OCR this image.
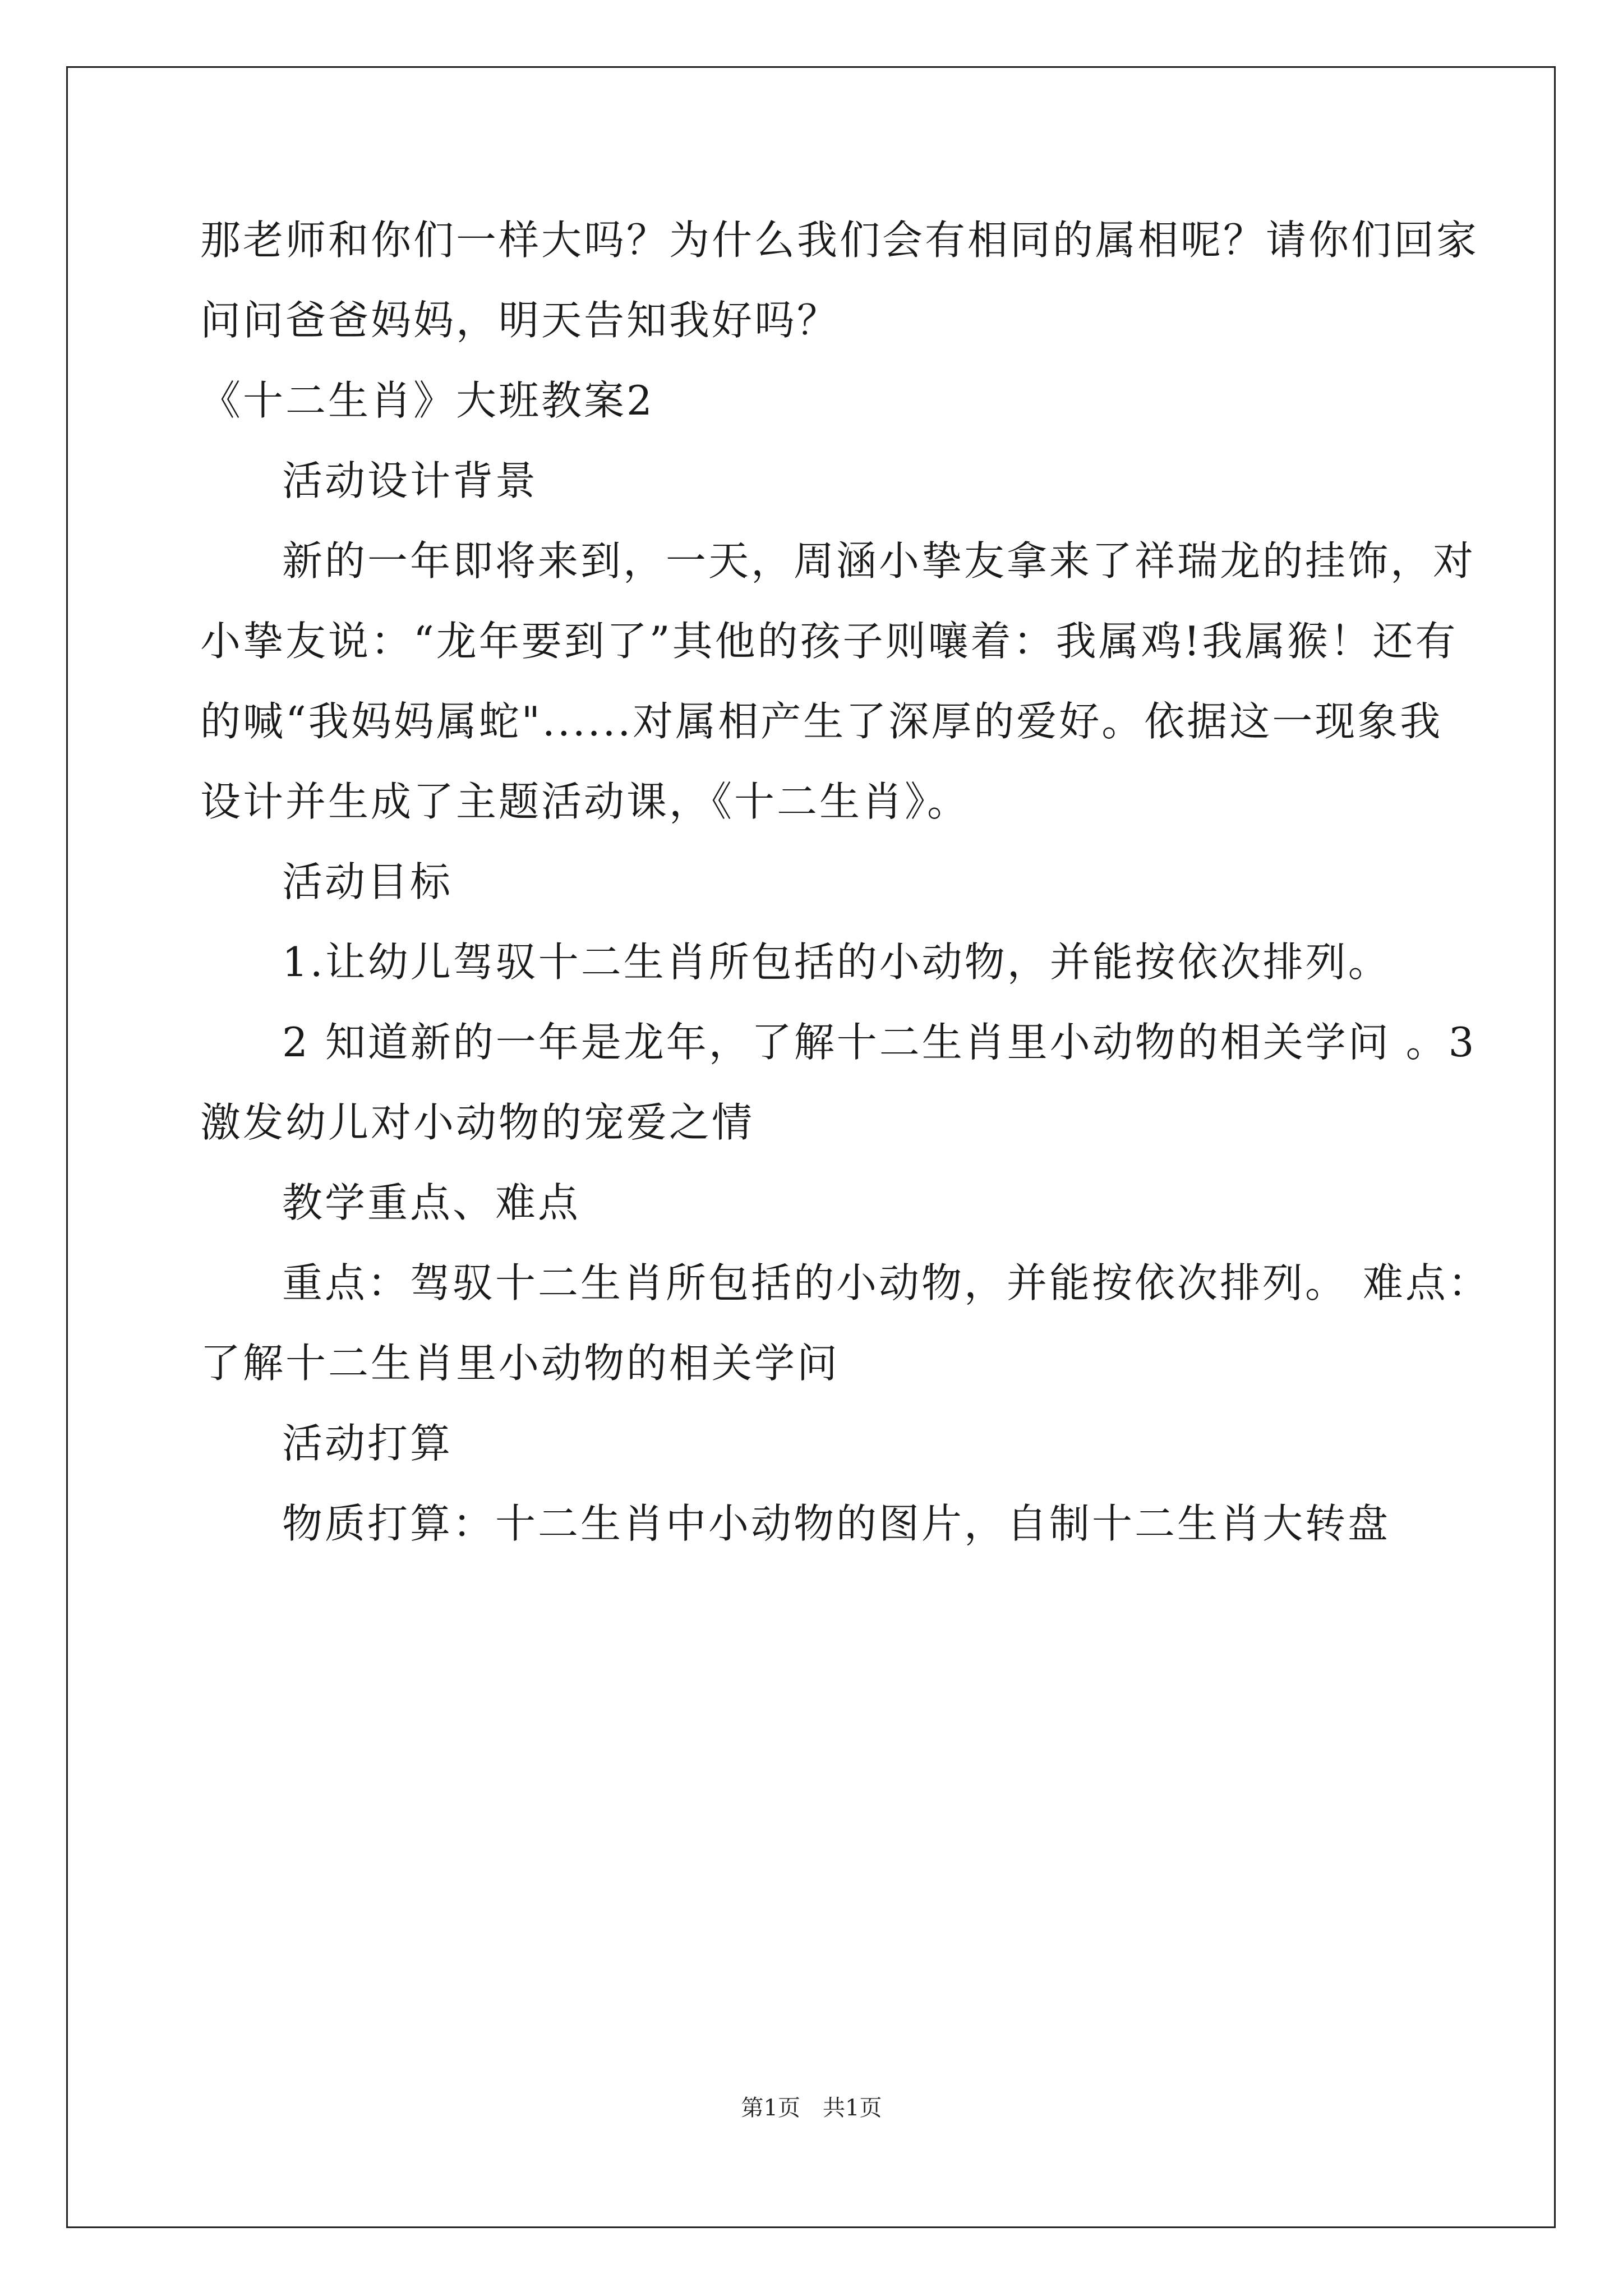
那老师和你们一样大吗？为什么我们会有相同的属相呢？请你们回家
问问爸爸妈妈，明天告知我好吗？
《十二生肖》大班教案2
活动设计背景
新的一年即将来到，一天，周涵小挚友拿来了祥瑞龙的挂饰，对
小挚友说：“龙年要到了”其他的孩子则嚷着：我属鸡!我属猴！还有
的喊“我妈妈属蛇"......对属相产生了深厚的爱好。依据这一现象我
设计并生成了主题活动课，《十二生肖》。
活动目标
1.让幼儿驾驭十二生肖所包括的小动物，并能按依次排列。
2 知道新的一年是龙年，了解十二生肖里小动物的相关学问 。3
激发幼儿对小动物的宠爱之情
教学重点、难点
重点：驾驭十二生肖所包括的小动物，并能按依次排列。 难点：
了解十二生肖里小动物的相关学问
活动打算
物质打算：十二生肖中小动物的图片，自制十二生肖大转盘
第1页　共1页
